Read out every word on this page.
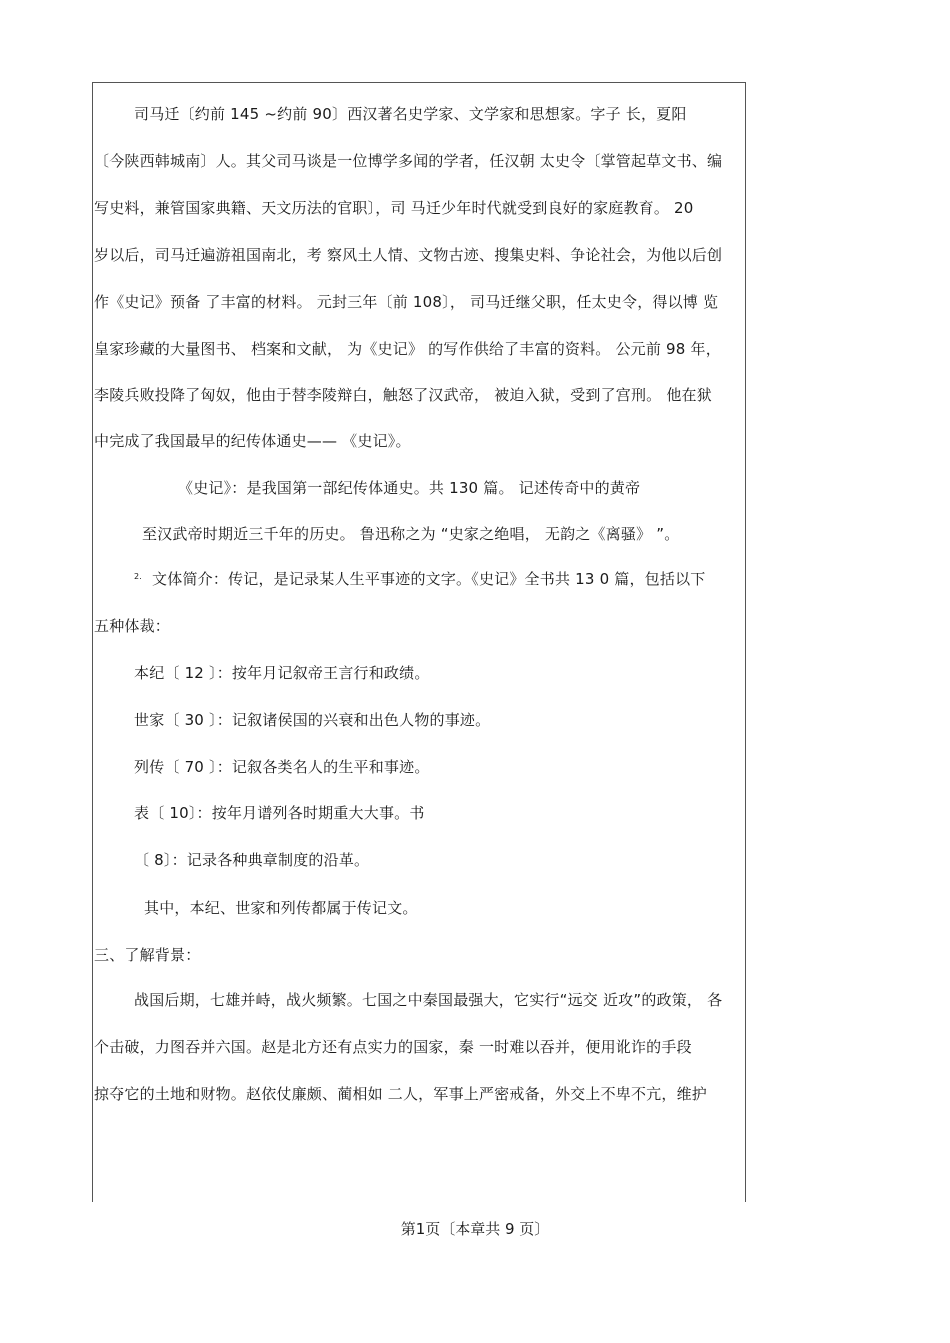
司马迁〔约前 145 ~约前 90〕西汉著名史学家、文学家和思想家。字子 长，夏阳
〔今陕西韩城南〕人。其父司马谈是一位博学多闻的学者，任汉朝 太史令〔掌管起草文书、编
写史料，兼管国家典籍、天文历法的官职〕，司 马迁少年时代就受到良好的家庭教育。 20
岁以后，司马迁遍游祖国南北，考 察风土人情、文物古迹、搜集史料、争论社会，为他以后创
作《史记》预备 了丰富的材料。 元封三年〔前 108〕， 司马迁继父职，任太史令，得以博 览
皇家珍藏的大量图书、 档案和文献， 为《史记》 的写作供给了丰富的资料。 公元前 98 年，
李陵兵败投降了匈奴，他由于替李陵辩白，触怒了汉武帝， 被迫入狱，受到了宫刑。 他在狱
中完成了我国最早的纪传体通史—— 《史记》。
《史记》：是我国第一部纪传体通史。共 130 篇。 记述传奇中的黄帝
至汉武帝时期近三千年的历史。 鲁迅称之为 “史家之绝唱， 无韵之《离骚》 ”。
$^{2.}$ 文体简介：传记，是记录某人生平事迹的文字。《史记》全书共 13 0 篇，包括以下
五种体裁：
本纪〔 12 〕：按年月记叙帝王言行和政绩。
世家〔 30 〕：记叙诸侯国的兴衰和出色人物的事迹。
列传〔 70 〕：记叙各类名人的生平和事迹。
表〔 10〕：按年月谱列各时期重大大事。书
〔 8〕：记录各种典章制度的沿革。
其中，本纪、世家和列传都属于传记文。
三、了解背景：
战国后期，七雄并峙，战火频繁。七国之中秦国最强大，它实行“远交 近攻”的政策， 各
个击破，力图吞并六国。赵是北方还有点实力的国家，秦 一时难以吞并，便用讹诈的手段
掠夺它的土地和财物。赵依仗廉颇、蔺相如 二人，军事上严密戒备，外交上不卑不亢，维护
第1页〔本章共 9 页〕
